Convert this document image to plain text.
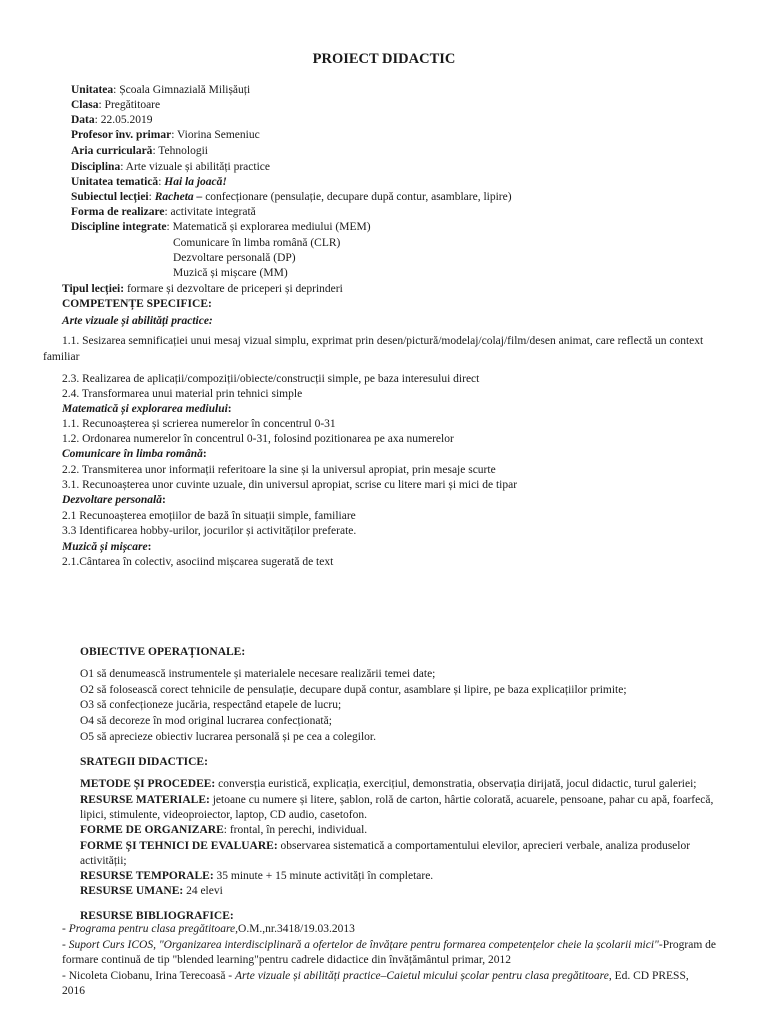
PROIECT DIDACTIC
Unitatea: Școala Gimnazială Milișăuți
Clasa: Pregătitoare
Data: 22.05.2019
Profesor înv. primar: Viorina Semeniuc
Aria curriculară: Tehnologii
Disciplina: Arte vizuale și abilități practice
Unitatea tematică: Hai la joacă!
Subiectul lecției: Racheta – confecționare (pensulație, decupare după contur, asamblare, lipire)
Forma de realizare: activitate integrată
Discipline integrate: Matematică și explorarea mediului (MEM)
Comunicare în limba română (CLR)
Dezvoltare personală (DP)
Muzică și mișcare (MM)
Tipul lecției: formare și dezvoltare de priceperi și deprinderi
COMPETENȚE SPECIFICE:
Arte vizuale și abilități practice:
1.1. Sesizarea semnificației unui mesaj vizual simplu, exprimat prin desen/pictură/modelaj/colaj/film/desen animat, care reflectă un context
familiar
2.3. Realizarea de aplicații/compoziții/obiecte/construcții simple, pe baza interesului direct
2.4. Transformarea unui material prin tehnici simple
Matematică și explorarea mediului:
1.1. Recunoașterea și scrierea numerelor în concentrul 0-31
1.2. Ordonarea numerelor în concentrul 0-31, folosind pozitionarea pe axa numerelor
Comunicare în limba română:
2.2. Transmiterea unor informații referitoare la sine și la universul apropiat, prin mesaje scurte
3.1. Recunoașterea unor cuvinte uzuale, din universul apropiat, scrise cu litere mari și mici de tipar
Dezvoltare personală:
2.1 Recunoașterea emoțiilor de bază în situații simple, familiare
3.3 Identificarea hobby-urilor, jocurilor și activităților preferate.
Muzică și mișcare:
2.1.Cântarea în colectiv, asociind mișcarea sugerată de text
OBIECTIVE OPERAȚIONALE:
O1 să denumească instrumentele și materialele necesare realizării temei date;
O2 să folosească corect tehnicile de pensulație, decupare după contur, asamblare și lipire, pe baza explicațiilor primite;
O3 să confecționeze jucăria, respectând etapele de lucru;
O4 să decoreze în mod original lucrarea confecționată;
O5 să aprecieze obiectiv lucrarea personală și pe cea a colegilor.
SRATEGII DIDACTICE:
METODE ȘI PROCEDEE: conversția euristică, explicația, exercițiul, demonstratia, observația dirijată, jocul didactic, turul galeriei;
RESURSE MATERIALE: jetoane cu numere și litere, șablon, rolă de carton, hârtie colorată, acuarele, pensoane, pahar cu apă, foarfecă,
lipici, stimulente, videoproiector, laptop, CD audio, casetofon.
FORME DE ORGANIZARE: frontal, în perechi, individual.
FORME ȘI TEHNICI DE EVALUARE: observarea sistematică a comportamentului elevilor, aprecieri verbale, analiza produselor
activității;
RESURSE TEMPORALE: 35 minute + 15 minute activități în completare.
RESURSE UMANE: 24 elevi
RESURSE BIBLIOGRAFICE:
- Programa pentru clasa pregătitoare,O.M.,nr.3418/19.03.2013
- Suport Curs ICOS, "Organizarea interdisciplinară a ofertelor de învățare pentru formarea competențelor cheie la școlarii mici"-Program de
formare continuă de tip "blended learning"pentru cadrele didactice din învățământul primar, 2012
- Nicoleta Ciobanu, Irina Terecoasă - Arte vizuale și abilități practice–Caietul micului școlar pentru clasa pregătitoare, Ed. CD PRESS,
2016
